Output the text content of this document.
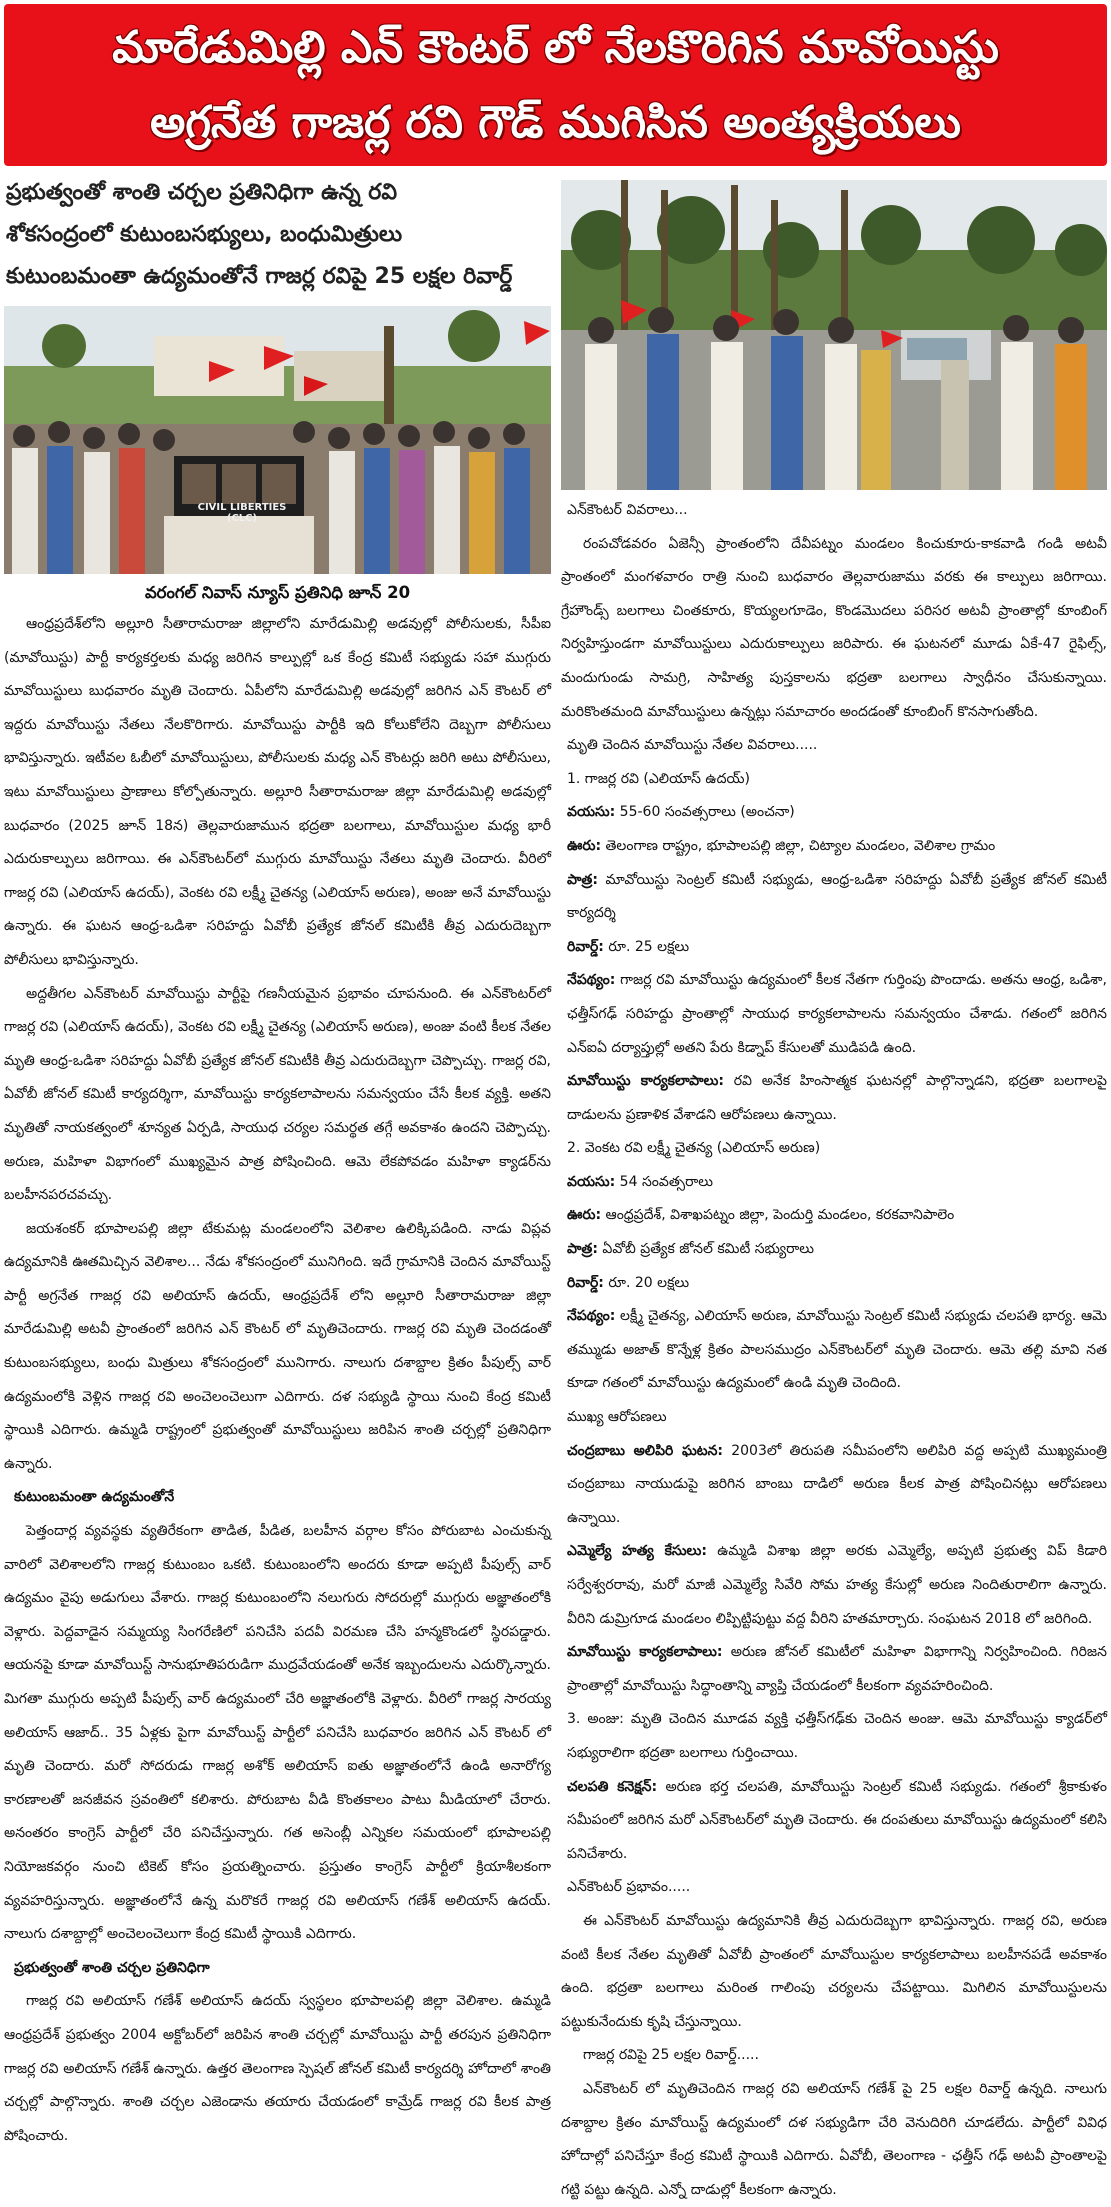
మారేడుమిల్లి ఎన్ కౌంటర్ లో నేలకొరిగిన మావోయిస్టు
అగ్రనేత గాజర్ల రవి గౌడ్ ముగిసిన అంత్యక్రియలు
ప్రభుత్వంతో శాంతి చర్చల ప్రతినిధిగా ఉన్న రవి
శోకసంద్రంలో కుటుంబసభ్యులు, బంధుమిత్రులు
కుటుంబమంతా ఉద్యమంతోనే గాజర్ల రవిపై 25 లక్షల రివార్డ్
CIVIL LIBERTIES (CLC)
వరంగల్ నివాస్ న్యూస్ ప్రతినిధి జూన్ 20

ఆంధ్రప్రదేశ్‌లోని అల్లూరి సీతారామరాజు జిల్లాలోని మారేడుమిల్లి అడవుల్లో పోలీసులకు, సీపీఐ (మావోయిస్టు) పార్టీ కార్యకర్తలకు మధ్య జరిగిన కాల్పుల్లో ఒక కేంద్ర కమిటీ సభ్యుడు సహా ముగ్గురు మావోయిస్టులు బుధవారం మృతి చెందారు. ఏపీలోని మారేడుమిల్లి అడవుల్లో జరిగిన ఎన్ కౌంటర్ లో ఇద్దరు మావోయిస్టు నేతలు నేలకొరిగారు. మావోయిస్టు పార్టీకి ఇది కోలుకోలేని దెబ్బగా పోలీసులు భావిస్తున్నారు. ఇటీవల ఓబీలో మావోయిస్టులు, పోలీసులకు మధ్య ఎన్ కౌంటర్లు జరిగి అటు పోలీసులు, ఇటు మావోయిస్టులు ప్రాణాలు కోల్పోతున్నారు. అల్లూరి సీతారామరాజు జిల్లా మారేడుమిల్లి అడవుల్లో బుధవారం (2025 జూన్ 18న) తెల్లవారుజామున భద్రతా బలగాలు, మావోయిస్టుల మధ్య భారీ ఎదురుకాల్పులు జరిగాయి. ఈ ఎన్‌కౌంటర్‌లో ముగ్గురు మావోయిస్టు నేతలు మృతి చెందారు. వీరిలో గాజర్ల రవి (ఎలియాస్ ఉదయ్), వెంకట రవి లక్ష్మీ చైతన్య (ఎలియాస్ అరుణ), అంజు అనే మావోయిస్టు ఉన్నారు. ఈ ఘటన ఆంధ్ర-ఒడిశా సరిహద్దు ఏవోబీ ప్రత్యేక జోనల్ కమిటీకి తీవ్ర ఎదురుదెబ్బగా పోలీసులు భావిస్తున్నారు.

అద్దతీగల ఎన్‌కౌంటర్ మావోయిస్టు పార్టీపై గణనీయమైన ప్రభావం చూపనుంది. ఈ ఎన్‌కౌంటర్‌లో గాజర్ల రవి (ఎలియాస్ ఉదయ్), వెంకట రవి లక్ష్మీ చైతన్య (ఎలియాస్ అరుణ), అంజు వంటి కీలక నేతల మృతి ఆంధ్ర-ఒడిశా సరిహద్దు ఏవోబీ ప్రత్యేక జోనల్ కమిటీకి తీవ్ర ఎదురుదెబ్బగా చెప్పొచ్చు. గాజర్ల రవి, ఏవోబీ జోనల్ కమిటీ కార్యదర్శిగా, మావోయిస్టు కార్యకలాపాలను సమన్వయం చేసే కీలక వ్యక్తి. అతని మృతితో నాయకత్వంలో శూన్యత ఏర్పడి, సాయుధ చర్యల సమర్థత తగ్గే అవకాశం ఉందని చెప్పొచ్చు. అరుణ, మహిళా విభాగంలో ముఖ్యమైన పాత్ర పోషించింది. ఆమె లేకపోవడం మహిళా క్యాడర్‌ను బలహీనపరచవచ్చు.

జయశంకర్ భూపాలపల్లి జిల్లా టేకుమట్ల మండలంలోని వెలిశాల ఉలిక్కిపడింది. నాడు విప్లవ ఉద్యమానికి ఊతమిచ్చిన వెలిశాల... నేడు శోకసంద్రంలో మునిగింది. ఇదే గ్రామానికి చెందిన మావోయిస్ట్ పార్టీ అగ్రనేత గాజర్ల రవి అలియాస్ ఉదయ్, ఆంధ్రప్రదేశ్ లోని అల్లూరి సీతారామరాజు జిల్లా మారేడుమిల్లి అటవీ ప్రాంతంలో జరిగిన ఎన్ కౌంటర్ లో మృతిచెందారు. గాజర్ల రవి మృతి చెందడంతో కుటుంబసభ్యులు, బంధు మిత్రులు శోకసంద్రంలో మునిగారు. నాలుగు దశాబ్దాల క్రితం పీపుల్స్ వార్ ఉద్యమంలోకి వెళ్లిన గాజర్ల రవి అంచెలంచెలుగా ఎదిగారు. దళ సభ్యుడి స్థాయి నుంచి కేంద్ర కమిటీ స్థాయికి ఎదిగారు. ఉమ్మడి రాష్ట్రంలో ప్రభుత్వంతో మావోయిస్టులు జరిపిన శాంతి చర్చల్లో ప్రతినిధిగా ఉన్నారు.

కుటుంబమంతా ఉద్యమంతోనే

పెత్తందార్ల వ్యవస్థకు వ్యతిరేకంగా తాడిత, పీడిత, బలహీన వర్గాల కోసం పోరుబాట ఎంచుకున్న వారిలో వెలిశాలలోని గాజర్ల కుటుంబం ఒకటి. కుటుంబంలోని అందరు కూడా అప్పటి పీపుల్స్ వార్ ఉద్యమం వైపు అడుగులు వేశారు. గాజర్ల కుటుంబంలోని నలుగురు సోదరుల్లో ముగ్గురు అజ్ఞాతంలోకి వెళ్లారు. పెద్దవాడైన సమ్మయ్య సింగరేణిలో పనిచేసి పదవీ విరమణ చేసి హన్మకొండలో స్థిరపడ్డారు. ఆయనపై కూడా మావోయిస్ట్ సానుభూతిపరుడిగా ముద్రవేయడంతో అనేక ఇబ్బందులను ఎదుర్కొన్నారు. మిగతా ముగ్గురు అప్పటి పీపుల్స్ వార్ ఉద్యమంలో చేరి అజ్ఞాతంలోకి వెళ్లారు. వీరిలో గాజర్ల సారయ్య అలియాస్ ఆజాద్.. 35 ఏళ్లకు పైగా మావోయిస్ట్ పార్టీలో పనిచేసి బుధవారం జరిగిన ఎన్ కౌంటర్ లో మృతి చెందారు. మరో సోదరుడు గాజర్ల అశోక్ అలియాస్ ఐతు అజ్ఞాతంలోనే ఉండి అనారోగ్య కారణాలతో జనజీవన స్రవంతిలో కలిశారు. పోరుబాట వీడి కొంతకాలం పాటు మీడియాలో చేరారు. అనంతరం కాంగ్రెస్ పార్టీలో చేరి పనిచేస్తున్నారు. గత అసెంబ్లీ ఎన్నికల సమయంలో భూపాలపల్లి నియోజకవర్గం నుంచి టికెట్ కోసం ప్రయత్నించారు. ప్రస్తుతం కాంగ్రెస్ పార్టీలో క్రియాశీలకంగా వ్యవహరిస్తున్నారు. అజ్ఞాతంలోనే ఉన్న మరొకరే గాజర్ల రవి అలియాస్ గణేశ్ అలియాస్ ఉదయ్. నాలుగు దశాబ్దాల్లో అంచెలంచెలుగా కేంద్ర కమిటీ స్థాయికి ఎదిగారు.

ప్రభుత్వంతో శాంతి చర్చల ప్రతినిధిగా

గాజర్ల రవి అలియాస్ గణేశ్ అలియాస్ ఉదయ్ స్వస్థలం భూపాలపల్లి జిల్లా వెలిశాల. ఉమ్మడి ఆంధ్రప్రదేశ్ ప్రభుత్వం 2004 అక్టోబర్‌లో జరిపిన శాంతి చర్చల్లో మావోయిస్టు పార్టీ తరపున ప్రతినిధిగా గాజర్ల రవి అలియాస్ గణేశ్ ఉన్నారు. ఉత్తర తెలంగాణ స్పెషల్ జోనల్ కమిటీ కార్యదర్శి హోదాలో శాంతి చర్చల్లో పాల్గొన్నారు. శాంతి చర్చల ఎజెండాను తయారు చేయడంలో కామ్రేడ్ గాజర్ల రవి కీలక పాత్ర పోషించారు.

ఎన్‌కౌంటర్ వివరాలు...

రంపచోడవరం ఏజెన్సీ ప్రాంతంలోని దేవీపట్నం మండలం కించుకూరు-కాకవాడి గండి అటవీ ప్రాంతంలో మంగళవారం రాత్రి నుంచి బుధవారం తెల్లవారుజాము వరకు ఈ కాల్పులు జరిగాయి. గ్రేహౌండ్స్ బలగాలు చింతకూరు, కొయ్యలగూడెం, కొండమొదలు పరిసర అటవీ ప్రాంతాల్లో కూంబింగ్ నిర్వహిస్తుండగా మావోయిస్టులు ఎదురుకాల్పులు జరిపారు. ఈ ఘటనలో మూడు ఏకే-47 రైఫిల్స్, మందుగుండు సామగ్రి, సాహిత్య పుస్తకాలను భద్రతా బలగాలు స్వాధీనం చేసుకున్నాయి. మరికొంతమంది మావోయిస్టులు ఉన్నట్లు సమాచారం అందడంతో కూంబింగ్ కొనసాగుతోంది.

మృతి చెందిన మావోయిస్టు నేతల వివరాలు.....

1. గాజర్ల రవి (ఎలియాస్ ఉదయ్)

వయసు: 55-60 సంవత్సరాలు (అంచనా)

ఊరు: తెలంగాణ రాష్ట్రం, భూపాలపల్లి జిల్లా, చిట్యాల మండలం, వెలిశాల గ్రామం

పాత్ర: మావోయిస్టు సెంట్రల్ కమిటీ సభ్యుడు, ఆంధ్ర-ఒడిశా సరిహద్దు ఏవోబీ ప్రత్యేక జోనల్ కమిటీ కార్యదర్శి

రివార్డ్: రూ. 25 లక్షలు

నేపథ్యం: గాజర్ల రవి మావోయిస్టు ఉద్యమంలో కీలక నేతగా గుర్తింపు పొందాడు. అతను ఆంధ్ర, ఒడిశా, ఛత్తీస్‌గఢ్ సరిహద్దు ప్రాంతాల్లో సాయుధ కార్యకలాపాలను సమన్వయం చేశాడు. గతంలో జరిగిన ఎన్ఐఏ దర్యాప్తుల్లో అతని పేరు కిడ్నాప్ కేసులతో ముడిపడి ఉంది.

మావోయిస్టు కార్యకలాపాలు: రవి అనేక హింసాత్మక ఘటనల్లో పాల్గొన్నాడని, భద్రతా బలగాలపై దాడులను ప్రణాళిక వేశాడని ఆరోపణలు ఉన్నాయి.

2. వెంకట రవి లక్ష్మీ చైతన్య (ఎలియాస్ అరుణ)

వయసు: 54 సంవత్సరాలు

ఊరు: ఆంధ్రప్రదేశ్, విశాఖపట్నం జిల్లా, పెందుర్తి మండలం, కరకవానిపాలెం

పాత్ర: ఏవోబీ ప్రత్యేక జోనల్ కమిటీ సభ్యురాలు

రివార్డ్: రూ. 20 లక్షలు

నేపథ్యం: లక్ష్మీ చైతన్య, ఎలియాస్ అరుణ, మావోయిస్టు సెంట్రల్ కమిటీ సభ్యుడు చలపతి భార్య. ఆమె తమ్ముడు అజాత్ కొన్నేళ్ల క్రితం పాలసముద్రం ఎన్‌కౌంటర్‌లో మృతి చెందారు. ఆమె తల్లి మావి నత కూడా గతంలో మావోయిస్టు ఉద్యమంలో ఉండి మృతి చెందింది.

ముఖ్య ఆరోపణలు

చంద్రబాబు అలిపిరి ఘటన: 2003లో తిరుపతి సమీపంలోని అలిపిరి వద్ద అప్పటి ముఖ్యమంత్రి చంద్రబాబు నాయుడుపై జరిగిన బాంబు దాడిలో అరుణ కీలక పాత్ర పోషించినట్లు ఆరోపణలు ఉన్నాయి.

ఎమ్మెల్యే హత్య కేసులు: ఉమ్మడి విశాఖ జిల్లా అరకు ఎమ్మెల్యే, అప్పటి ప్రభుత్వ విప్ కిడారి సర్వేశ్వరరావు, మరో మాజీ ఎమ్మెల్యే సివేరి సోమ హత్య కేసుల్లో అరుణ నిందితురాలిగా ఉన్నారు. వీరిని డుమ్రిగూడ మండలం లిప్పిట్టిపుట్టు వద్ద వీరిని హతమార్చారు. సంఘటన 2018 లో జరిగింది.

మావోయిస్టు కార్యకలాపాలు: అరుణ జోనల్ కమిటీలో మహిళా విభాగాన్ని నిర్వహించింది. గిరిజన ప్రాంతాల్లో మావోయిస్టు సిద్ధాంతాన్ని వ్యాప్తి చేయడంలో కీలకంగా వ్యవహరించింది.

3. అంజు: మృతి చెందిన మూడవ వ్యక్తి ఛత్తీస్‌గఢ్‌కు చెందిన అంజు. ఆమె మావోయిస్టు క్యాడర్‌లో సభ్యురాలిగా భద్రతా బలగాలు గుర్తించాయి.

చలపతి కనెక్షన్: అరుణ భర్త చలపతి, మావోయిస్టు సెంట్రల్ కమిటీ సభ్యుడు. గతంలో శ్రీకాకుళం సమీపంలో జరిగిన మరో ఎన్‌కౌంటర్‌లో మృతి చెందారు. ఈ దంపతులు మావోయిస్టు ఉద్యమంలో కలిసి పనిచేశారు.

ఎన్‌కౌంటర్ ప్రభావం.....

ఈ ఎన్‌కౌంటర్ మావోయిస్టు ఉద్యమానికి తీవ్ర ఎదురుదెబ్బగా భావిస్తున్నారు. గాజర్ల రవి, అరుణ వంటి కీలక నేతల మృతితో ఏవోబీ ప్రాంతంలో మావోయిస్టుల కార్యకలాపాలు బలహీనపడే అవకాశం ఉంది. భద్రతా బలగాలు మరింత గాలింపు చర్యలను చేపట్టాయి. మిగిలిన మావోయిస్టులను పట్టుకునేందుకు కృషి చేస్తున్నాయి.

గాజర్ల రవిపై 25 లక్షల రివార్డ్.....

ఎన్‌కౌంటర్ లో మృతిచెందిన గాజర్ల రవి అలియాస్ గణేశ్ పై 25 లక్షల రివార్డ్ ఉన్నది. నాలుగు దశాబ్దాల క్రితం మావోయిస్ట్ ఉద్యమంలో దళ సభ్యుడిగా చేరి వెనుదిరిగి చూడలేదు. పార్టీలో వివిధ హోదాల్లో పనిచేస్తూ కేంద్ర కమిటీ స్థాయికి ఎదిగారు. ఏవోబీ, తెలంగాణ - ఛత్తీస్ గఢ్ అటవీ ప్రాంతాలపై గట్టి పట్టు ఉన్నది. ఎన్నో దాడుల్లో కీలకంగా ఉన్నారు.
